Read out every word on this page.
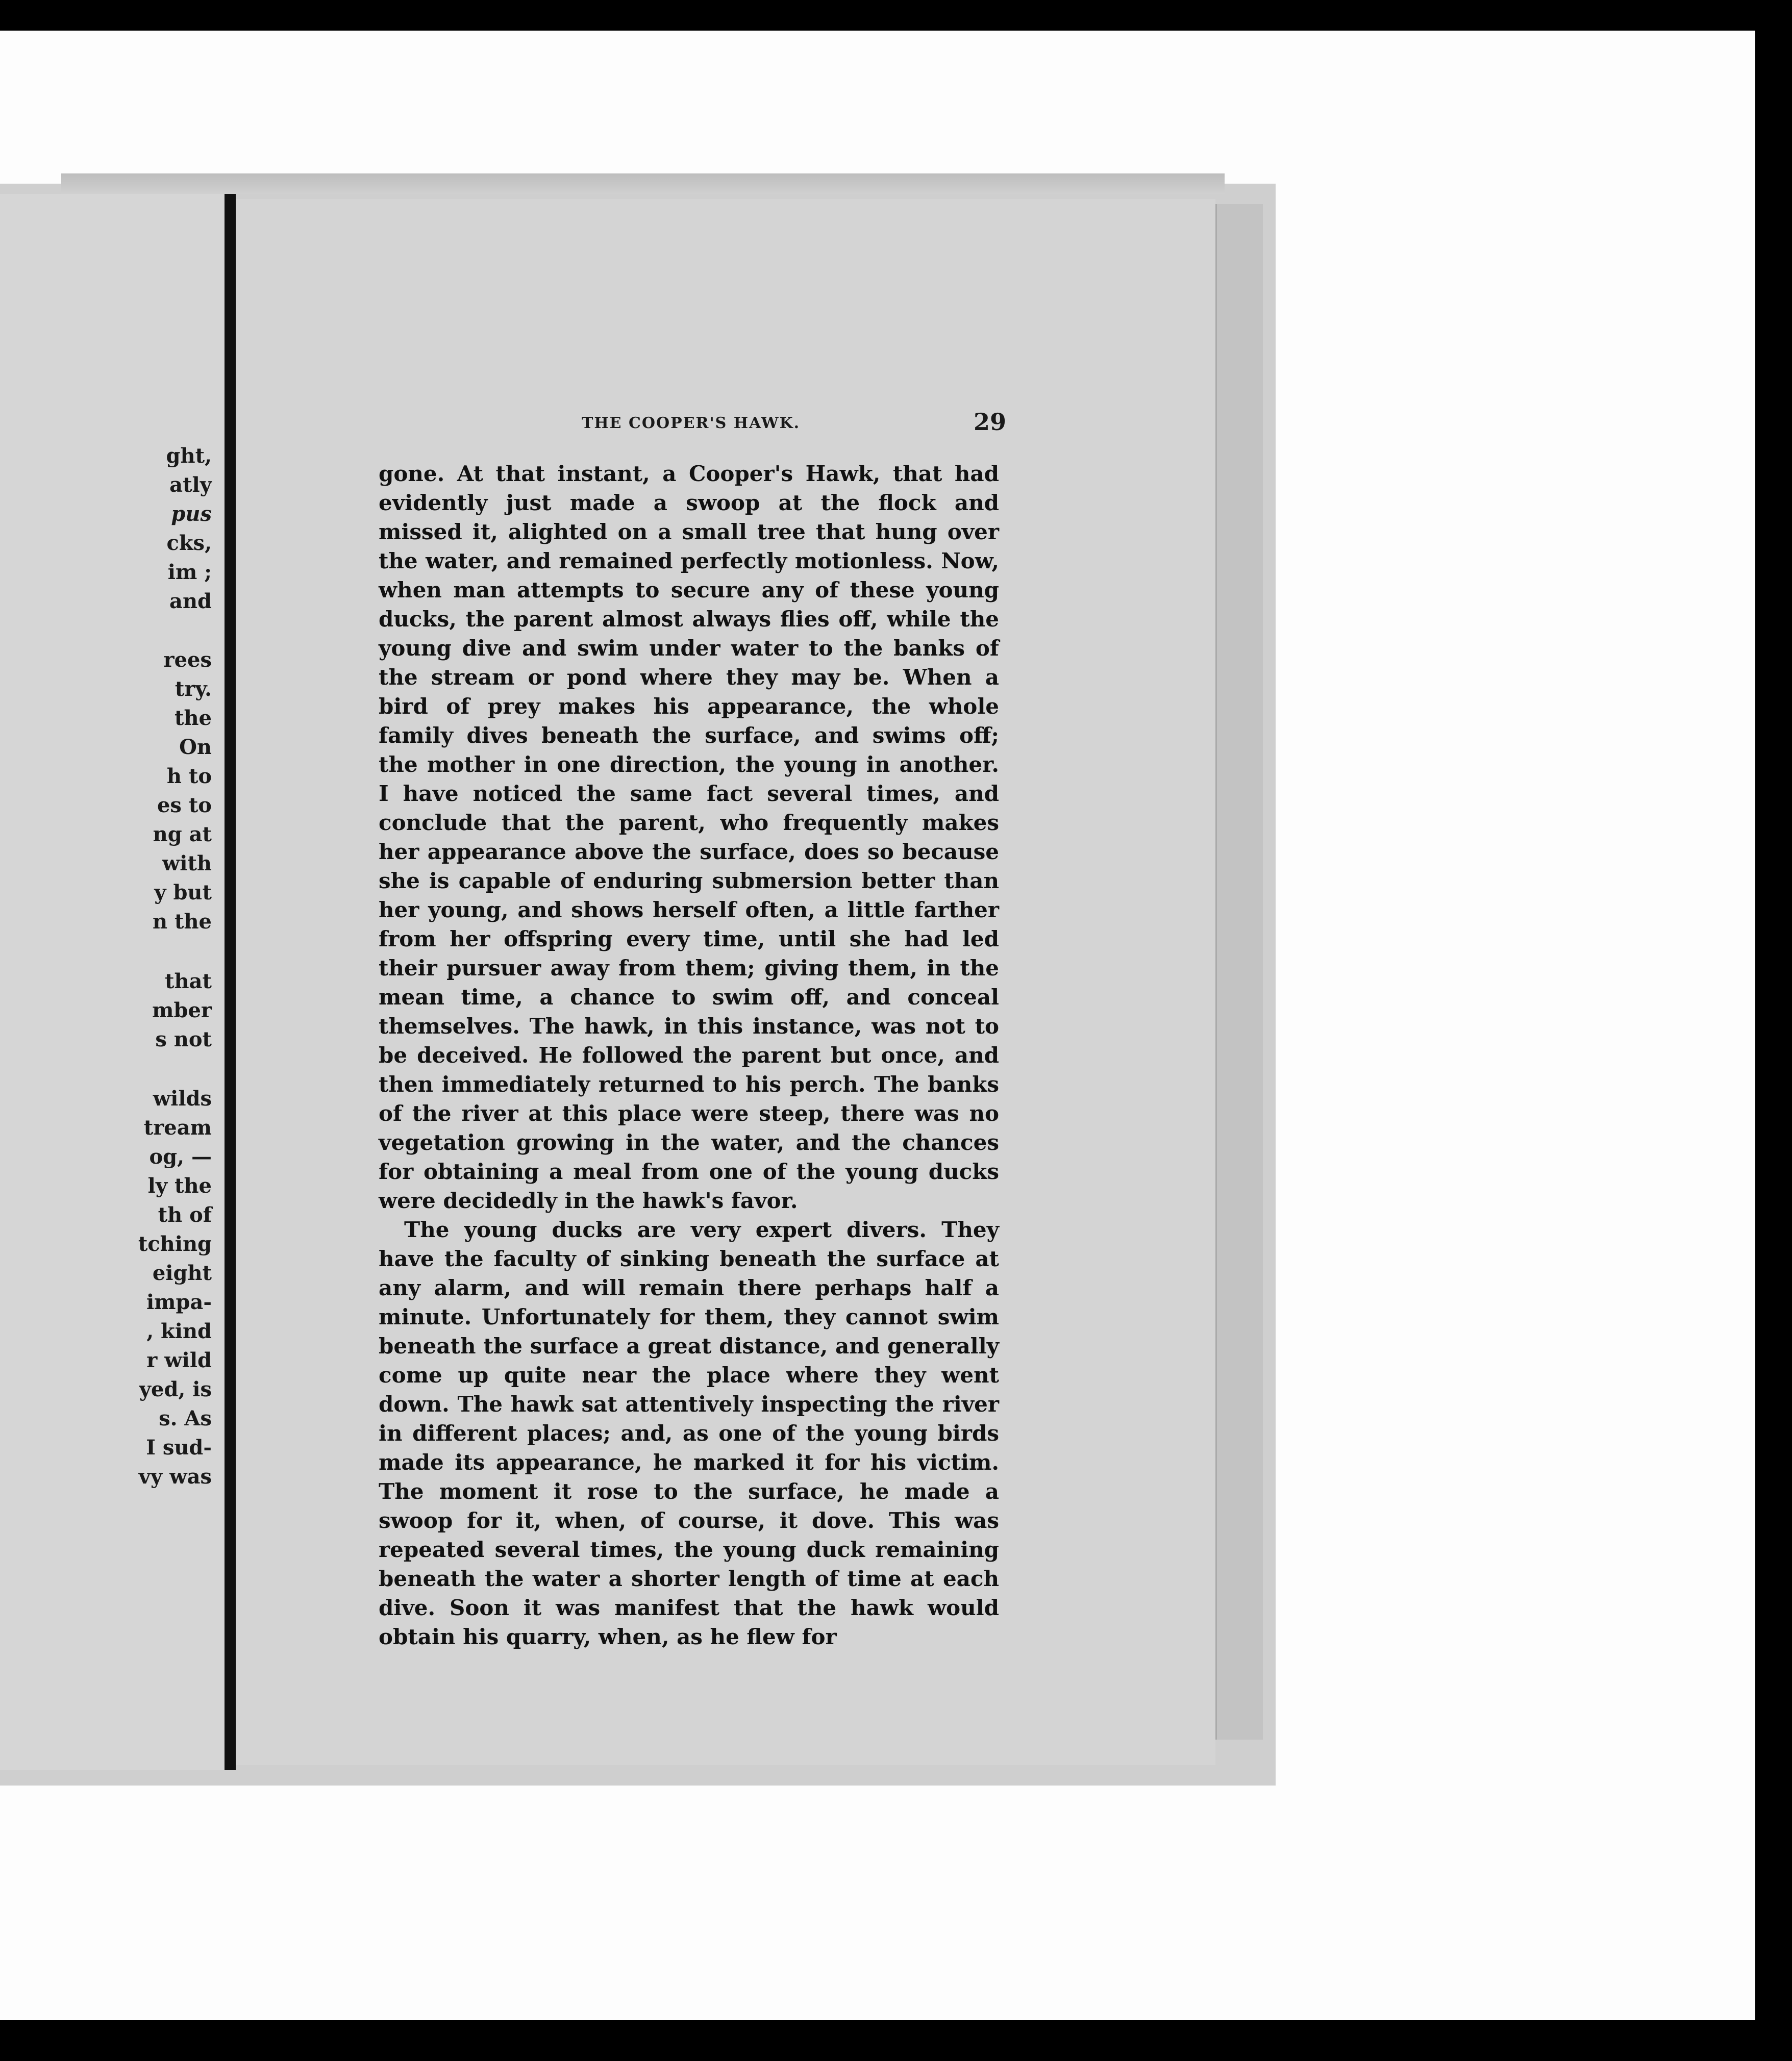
ght,
atly
pus
cks,
im ;
and
rees
try.
the
On
h to
es to
ng at
with
y but
n the
that
mber
s not
wilds
tream
og, —
ly the
th of
tching
eight
impa-
, kind
r wild
yed, is
s. As
I sud-
vy was
THE COOPER'S HAWK.	29

gone. At that instant, a Cooper's Hawk, that had evidently just made a swoop at the flock and missed it, alighted on a small tree that hung over the water, and remained perfectly motionless. Now, when man attempts to secure any of these young ducks, the parent almost always flies off, while the young dive and swim under water to the banks of the stream or pond where they may be. When a bird of prey makes his appearance, the whole family dives beneath the surface, and swims off; the mother in one direction, the young in another. I have noticed the same fact several times, and conclude that the parent, who frequently makes her appearance above the surface, does so because she is capable of enduring submersion better than her young, and shows herself often, a little farther from her offspring every time, until she had led their pursuer away from them; giving them, in the mean time, a chance to swim off, and conceal themselves. The hawk, in this instance, was not to be deceived. He followed the parent but once, and then immediately returned to his perch. The banks of the river at this place were steep, there was no vegetation growing in the water, and the chances for obtaining a meal from one of the young ducks were decidedly in the hawk's favor.

The young ducks are very expert divers. They have the faculty of sinking beneath the surface at any alarm, and will remain there perhaps half a minute. Unfortunately for them, they cannot swim beneath the surface a great distance, and generally come up quite near the place where they went down. The hawk sat attentively inspecting the river in different places; and, as one of the young birds made its appearance, he marked it for his victim. The moment it rose to the surface, he made a swoop for it, when, of course, it dove. This was repeated several times, the young duck remaining beneath the water a shorter length of time at each dive. Soon it was manifest that the hawk would obtain his quarry, when, as he flew for
